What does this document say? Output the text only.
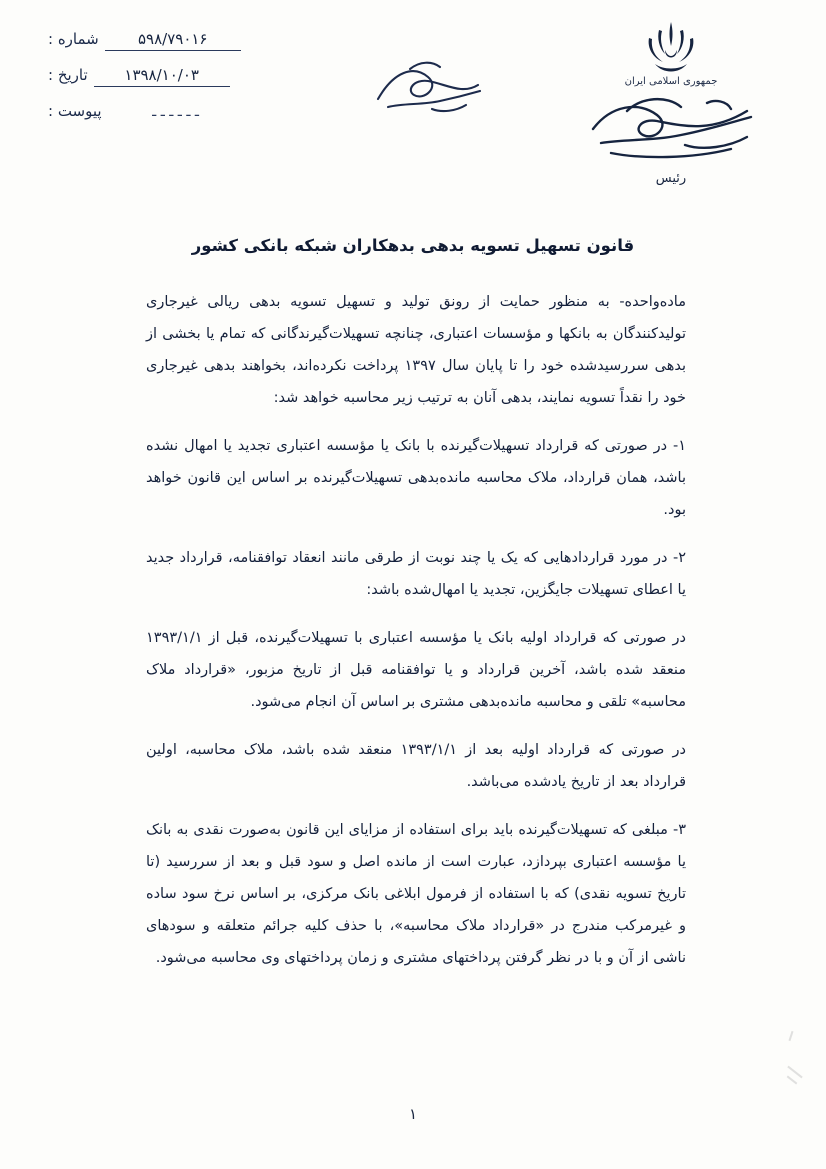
شماره :	۵۹۸/۷۹۰۱۶
تاریخ :	۱۳۹۸/۱۰/۰۳
پیوست :	ـ ـ ـ ـ ـ ـ
جمهوری اسلامی ایران
رئیس
قانون تسهیل تسویه بدهی بدهکاران شبکه بانکی کشور

ماده‌واحده- به منظور حمایت از رونق تولید و تسهیل تسویه بدهی ریالی غیرجاری تولیدکنندگان به بانکها و مؤسسات اعتباری، چنانچه تسهیلات‌گیرندگانی که تمام یا بخشی از بدهی سررسیدشده خود را تا پایان سال ۱۳۹۷ پرداخت نکرده‌اند، بخواهند بدهی غیرجاری خود را نقداً تسویه نمایند، بدهی آنان به ترتیب زیر محاسبه خواهد شد:

۱- در صورتی که قرارداد تسهیلات‌گیرنده با بانک یا مؤسسه اعتباری تجدید یا امهال نشده باشد، همان قرارداد، ملاک محاسبه مانده‌بدهی تسهیلات‌گیرنده بر اساس این قانون خواهد بود.

۲- در مورد قراردادهایی که یک یا چند نوبت از طرقی مانند انعقاد توافقنامه، قرارداد جدید یا اعطای تسهیلات جایگزین، تجدید یا امهال‌شده باشد:

در صورتی که قرارداد اولیه بانک یا مؤسسه اعتباری با تسهیلات‌گیرنده، قبل از ۱۳۹۳/۱/۱ منعقد شده باشد، آخرین قرارداد و یا توافقنامه قبل از تاریخ مزبور، «قرارداد ملاک محاسبه» تلقی و محاسبه مانده‌بدهی مشتری بر اساس آن انجام می‌شود.

در صورتی که قرارداد اولیه بعد از ۱۳۹۳/۱/۱ منعقد شده باشد، ملاک محاسبه، اولین قرارداد بعد از تاریخ یادشده می‌باشد.

۳- مبلغی که تسهیلات‌گیرنده باید برای استفاده از مزایای این قانون به‌صورت نقدی به بانک یا مؤسسه اعتباری بپردازد، عبارت است از مانده اصل و سود قبل و بعد از سررسید (تا تاریخ تسویه نقدی) که با استفاده از فرمول ابلاغی بانک مرکزی، بر اساس نرخ سود ساده و غیرمرکب مندرج در «قرارداد ملاک محاسبه»، با حذف کلیه جرائم متعلقه و سودهای ناشی از آن و با در نظر گرفتن پرداختهای مشتری و زمان پرداختهای وی محاسبه می‌شود.

۱
